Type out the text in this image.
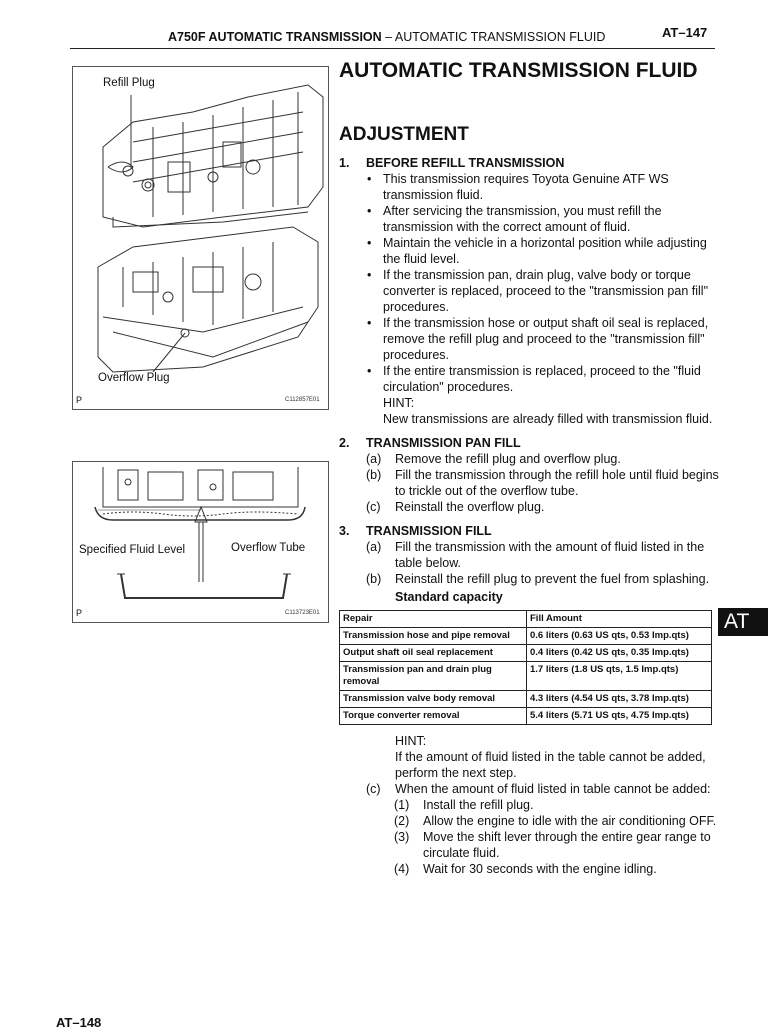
A750F AUTOMATIC TRANSMISSION – AUTOMATIC TRANSMISSION FLUID	AT–147
Refill Plug
Overflow Plug
P	C112857E01
Specified Fluid Level	Overflow Tube
P	C113723E01
AUTOMATIC TRANSMISSION FLUID
ADJUSTMENT
1. BEFORE REFILL TRANSMISSION
• This transmission requires Toyota Genuine ATF WS transmission fluid.
• After servicing the transmission, you must refill the transmission with the correct amount of fluid.
• Maintain the vehicle in a horizontal position while adjusting the fluid level.
• If the transmission pan, drain plug, valve body or torque converter is replaced, proceed to the "transmission pan fill" procedures.
• If the transmission hose or output shaft oil seal is replaced, remove the refill plug and proceed to the "transmission fill" procedures.
• If the entire transmission is replaced, proceed to the "fluid circulation" procedures.
HINT:
New transmissions are already filled with transmission fluid.
2. TRANSMISSION PAN FILL
(a) Remove the refill plug and overflow plug.
(b) Fill the transmission through the refill hole until fluid begins to trickle out of the overflow tube.
(c) Reinstall the overflow plug.
3. TRANSMISSION FILL
(a) Fill the transmission with the amount of fluid listed in the table below.
(b) Reinstall the refill plug to prevent the fuel from splashing.
Standard capacity
Repair	Fill Amount
Transmission hose and pipe removal	0.6 liters (0.63 US qts, 0.53 Imp.qts)
Output shaft oil seal replacement	0.4 liters (0.42 US qts, 0.35 Imp.qts)
Transmission pan and drain plug removal	1.7 liters (1.8 US qts, 1.5 Imp.qts)
Transmission valve body removal	4.3 liters (4.54 US qts, 3.78 Imp.qts)
Torque converter removal	5.4 liters (5.71 US qts, 4.75 Imp.qts)
HINT:
If the amount of fluid listed in the table cannot be added, perform the next step.
(c) When the amount of fluid listed in table cannot be added:
(1) Install the refill plug.
(2) Allow the engine to idle with the air conditioning OFF.
(3) Move the shift lever through the entire gear range to circulate fluid.
(4) Wait for 30 seconds with the engine idling.
AT
AT–148
